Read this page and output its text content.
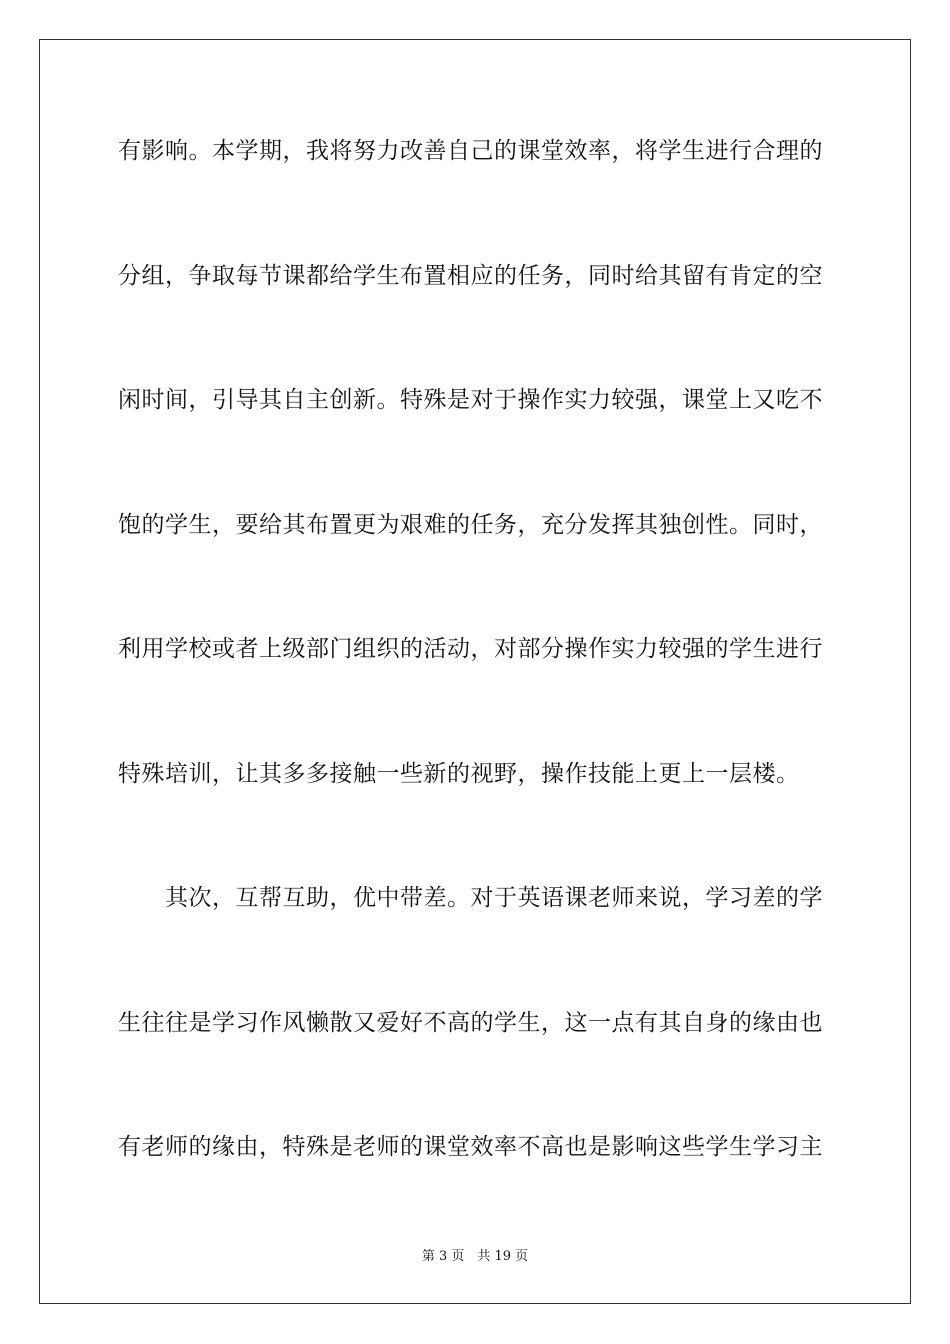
有影响。本学期，我将努力改善自己的课堂效率，将学生进行合理的
分组，争取每节课都给学生布置相应的任务，同时给其留有肯定的空
闲时间，引导其自主创新。特殊是对于操作实力较强，课堂上又吃不
饱的学生，要给其布置更为艰难的任务，充分发挥其独创性。同时，
利用学校或者上级部门组织的活动，对部分操作实力较强的学生进行
特殊培训，让其多多接触一些新的视野，操作技能上更上一层楼。
　　其次，互帮互助，优中带差。对于英语课老师来说，学习差的学
生往往是学习作风懒散又爱好不高的学生，这一点有其自身的缘由也
有老师的缘由，特殊是老师的课堂效率不高也是影响这些学生学习主
第 3 页　共 19 页
